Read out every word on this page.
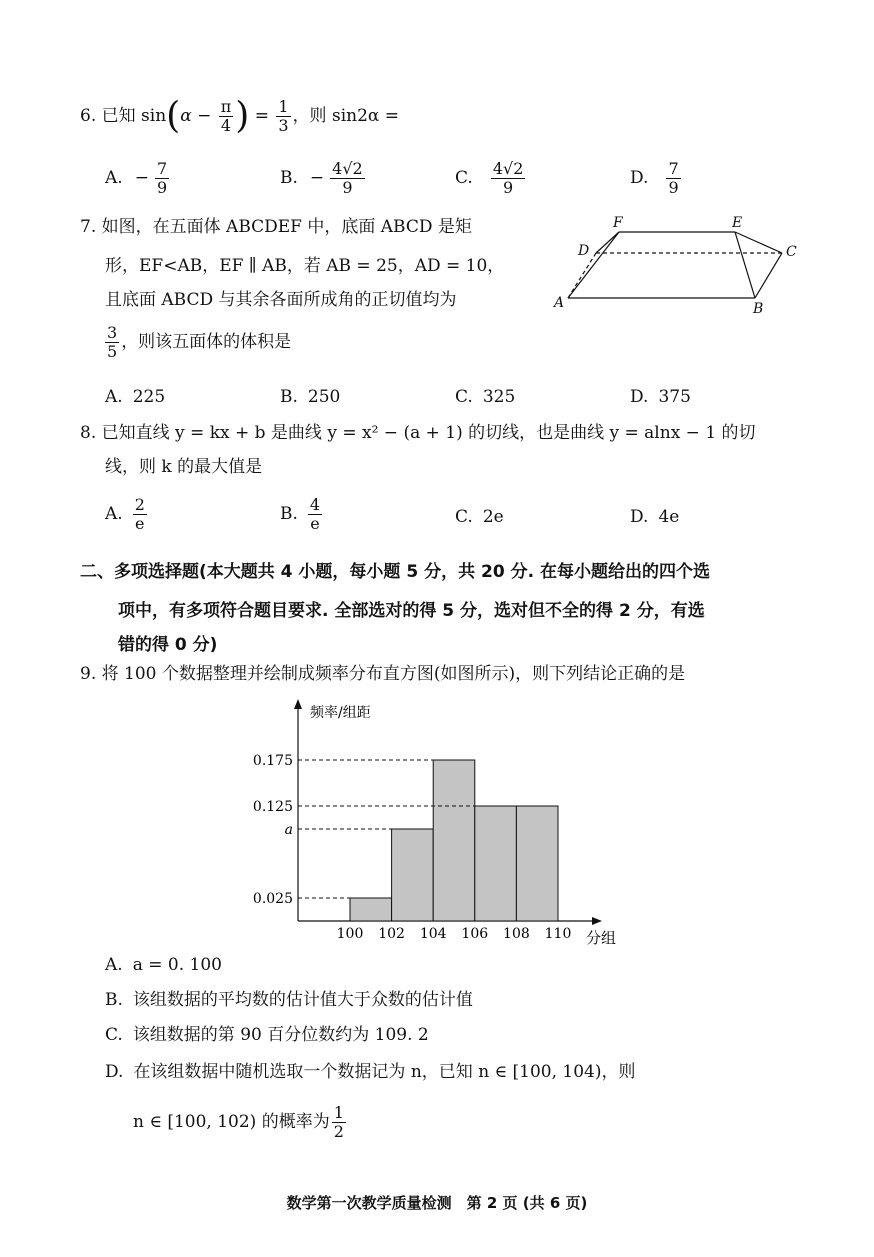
6. 已知 $\sin(\alpha - \frac{\pi}{4}$ ) = $\frac{1}{3}$ ，则 sin2α =
A. − $\frac{7}{9}$	B. − $\frac{4√2}{9}$	C. $\frac{4√2}{9}$	D. $\frac{7}{9}$
7. 如图，在五面体 ABCDEF 中，底面 ABCD 是矩
形，EF<AB，EF ∥ AB，若 AB = 25，AD = 10，
且底面 ABCD 与其余各面所成角的正切值均为
$\frac{3}{5}$ ，则该五面体的体积是
A	B
C
D
E
F
A. 225	B. 250	C. 325	D. 375
8. 已知直线 y = kx + b 是曲线 y = x² − (a + 1) 的切线，也是曲线 y = alnx − 1 的切
线，则 k 的最大值是
A. $\frac{2}{e}$	B. $\frac{4}{e}$	C. 2e	D. 4e
二、多项选择题(本大题共 4 小题，每小题 5 分，共 20 分. 在每小题给出的四个选
项中，有多项符合题目要求. 全部选对的得 5 分，选对但不全的得 2 分，有选
错的得 0 分)
9. 将 100 个数据整理并绘制成频率分布直方图(如图所示)，则下列结论正确的是
频率/组距
分组
0.175
0.125
a
0.025
100 102 104 106 108 110
A. a = 0. 100
B. 该组数据的平均数的估计值大于众数的估计值
C. 该组数据的第 90 百分位数约为 109. 2
D. 在该组数据中随机选取一个数据记为 n，已知 n ∈ [100, 104)，则
n ∈ [100, 102) 的概率为 $\frac{1}{2}$
数学第一次教学质量检测　第 2 页 (共 6 页)
